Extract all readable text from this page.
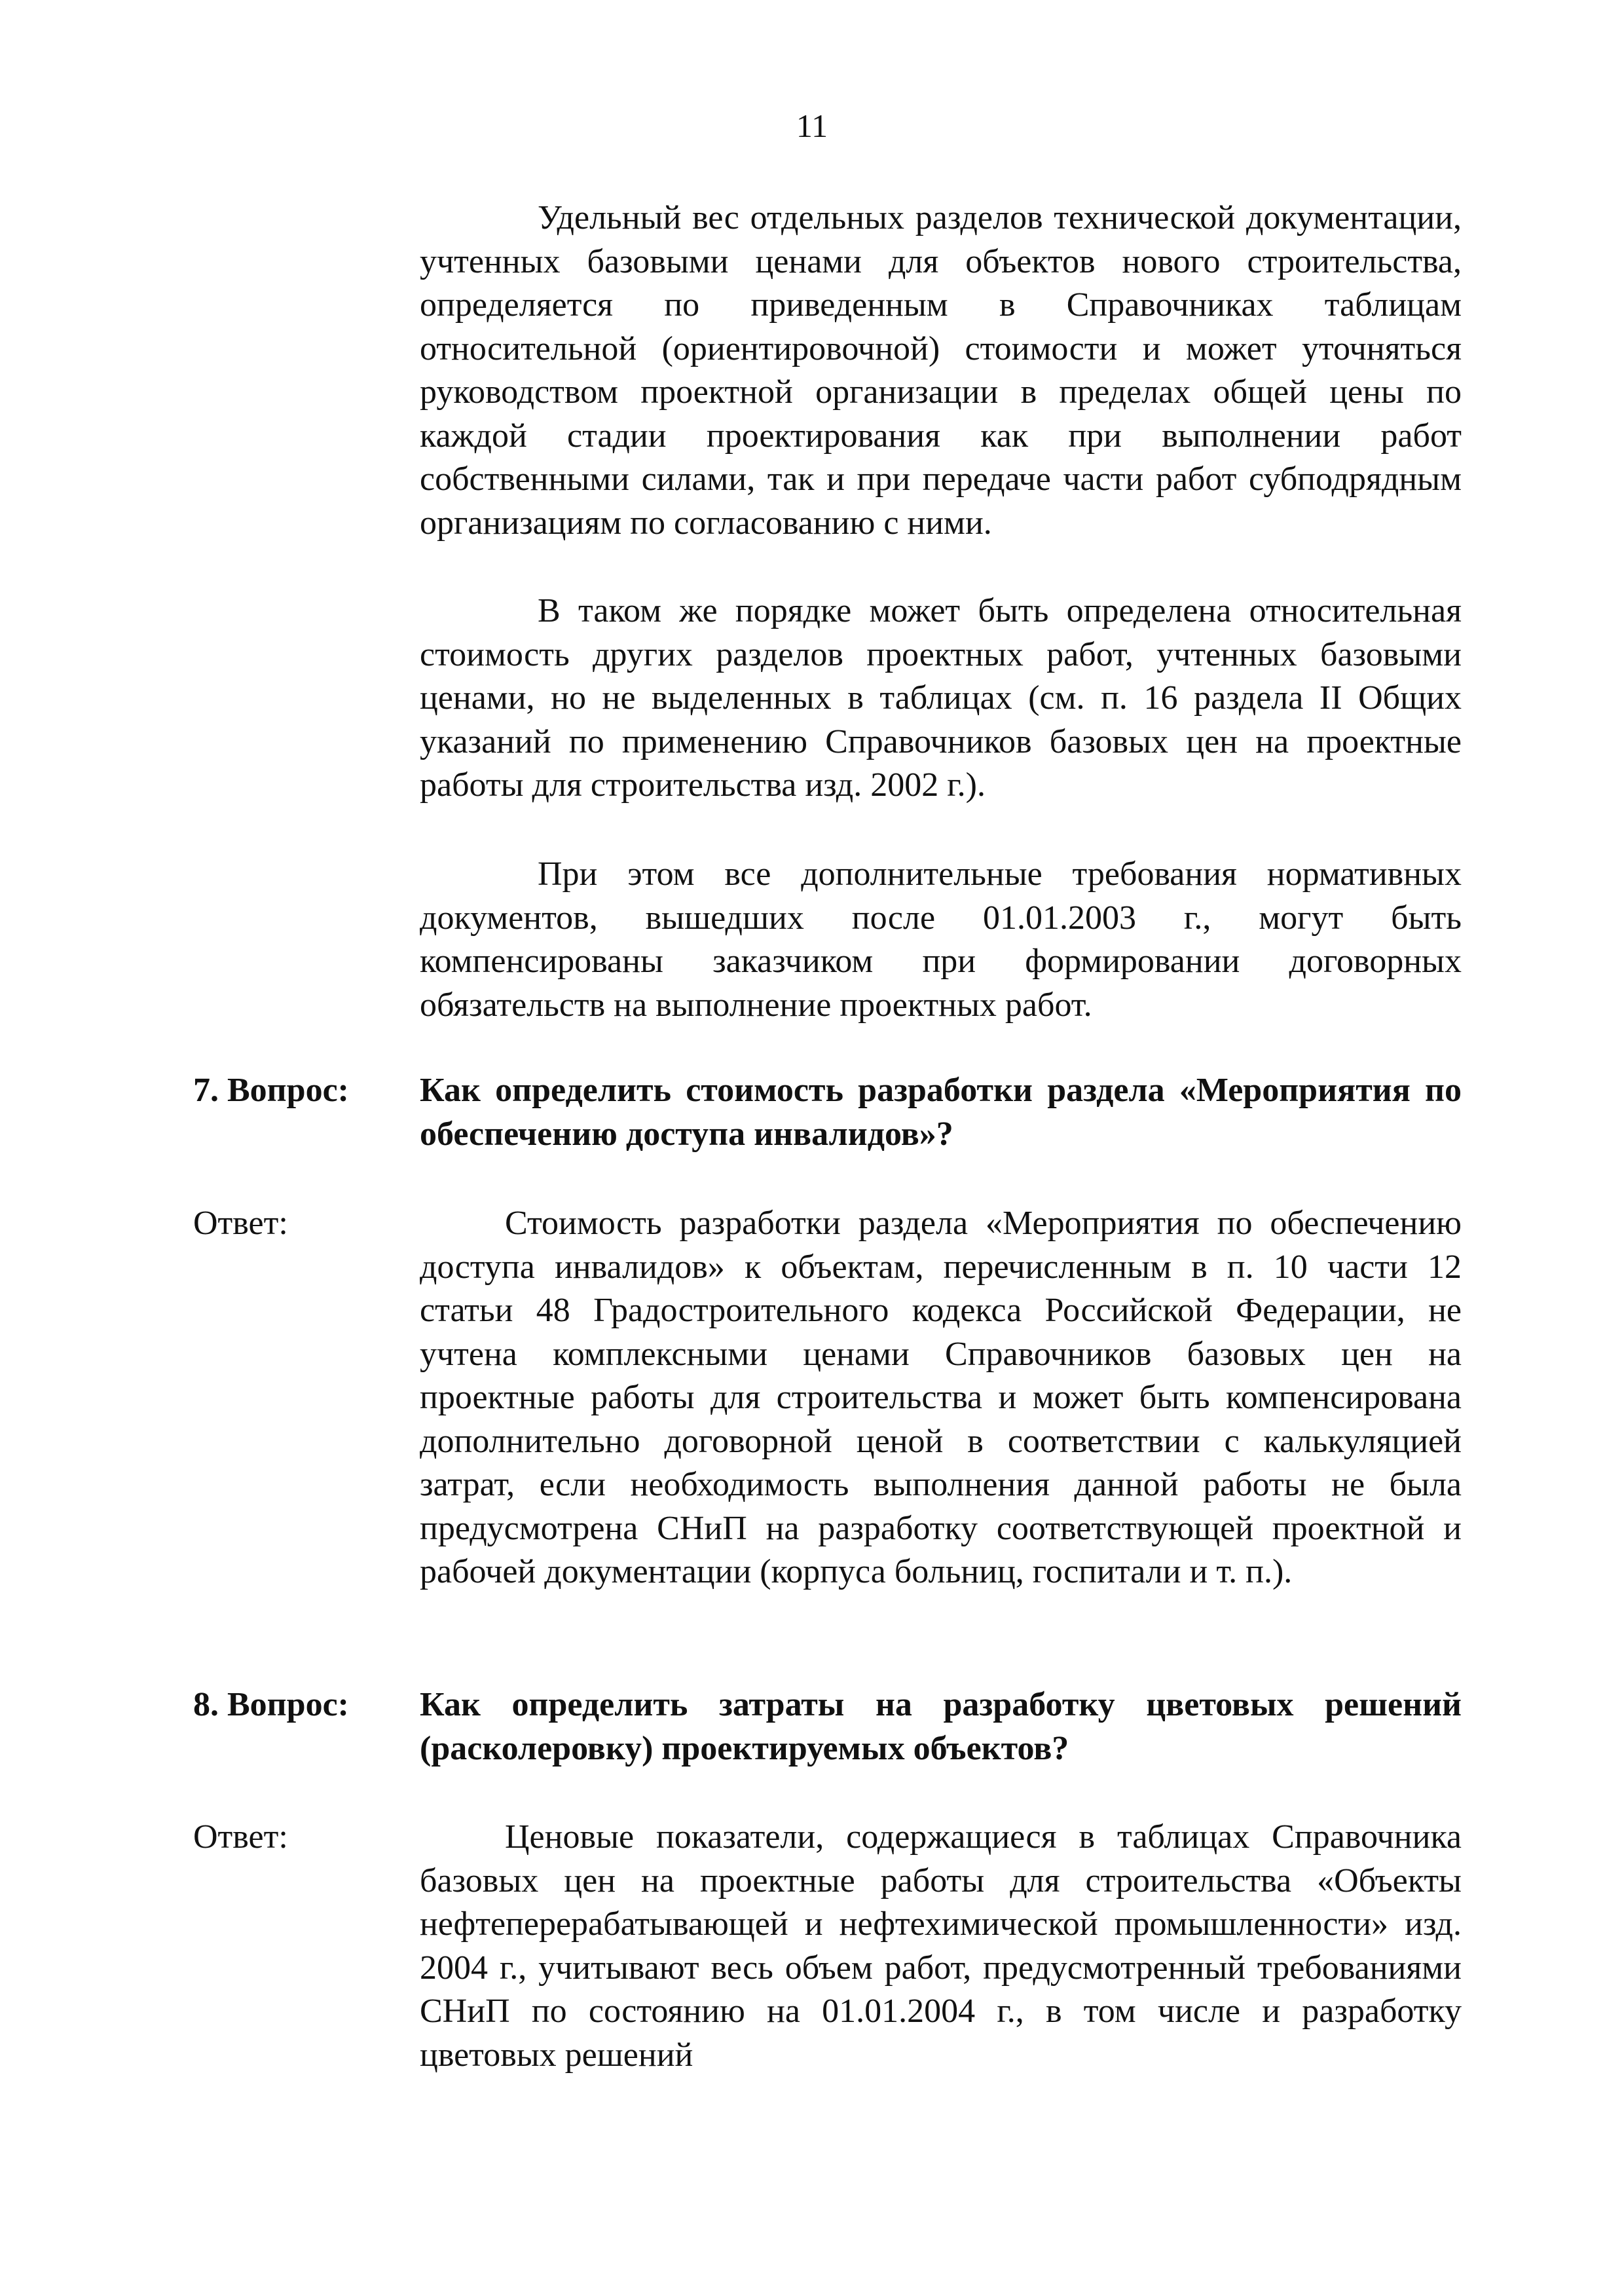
11

Удельный вес отдельных разделов технической документации, учтенных базовыми ценами для объектов нового строительства, определяется по приведенным в Справочниках таблицам относительной (ориентировочной) стоимости и может уточняться руководством проектной организации в пределах общей цены по каждой стадии проектирования как при выполнении работ собственными силами, так и при передаче части работ субподрядным организациям по согласованию с ними.

В таком же порядке может быть определена относительная стоимость других разделов проектных работ, учтенных базовыми ценами, но не выделенных в таблицах (см. п. 16 раздела II Общих указаний по применению Справочников базовых цен на проектные работы для строительства изд. 2002 г.).

При этом все дополнительные требования нормативных документов, вышедших после 01.01.2003 г., могут быть компенсированы заказчиком при формировании договорных обязательств на выполнение проектных работ.

7. Вопрос: Как определить стоимость разработки раздела «Мероприятия по обеспечению доступа инвалидов»?

Ответ:	Стоимость разработки раздела «Мероприятия по обеспечению доступа инвалидов» к объектам, перечисленным в п. 10 части 12 статьи 48 Градостроительного кодекса Российской Федерации, не учтена комплексными ценами Справочников базовых цен на проектные работы для строительства и может быть компенсирована дополнительно договорной ценой в соответствии с калькуляцией затрат, если необходимость выполнения данной работы не была предусмотрена СНиП на разработку соответствующей проектной и рабочей документации (корпуса больниц, госпитали и т. п.).

8. Вопрос: Как определить затраты на разработку цветовых решений (расколеровку) проектируемых объектов?

Ответ:	Ценовые показатели, содержащиеся в таблицах Справочника базовых цен на проектные работы для строительства «Объекты нефтеперерабатывающей и нефтехимической промышленности» изд. 2004 г., учитывают весь объем работ, предусмотренный требованиями СНиП по состоянию на 01.01.2004 г., в том числе и разработку цветовых решений
